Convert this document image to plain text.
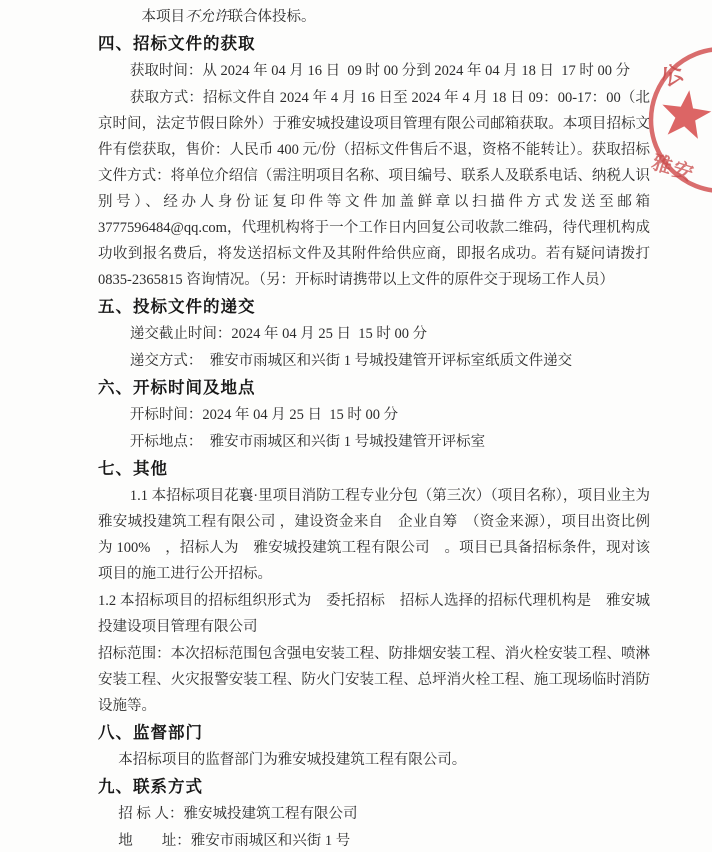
本项目不允许联合体投标。

四、招标文件的获取

获取时间：从 2024 年 04 月 16 日  09 时 00 分到 2024 年 04 月 18 日  17 时 00 分

获取方式：招标文件自 2024 年 4 月 16 日至 2024 年 4 月 18 日 09：00-17：00（北京时间，法定节假日除外）于雅安城投建设项目管理有限公司邮箱获取。本项目招标文件有偿获取，售价：人民币 400 元/份（招标文件售后不退，资格不能转让）。获取招标文件方式：将单位介绍信（需注明项目名称、项目编号、联系人及联系电话、纳税人识别号）、经办人身份证复印件等文件加盖鲜章以扫描件方式发送至邮箱 3777596484@qq.com，代理机构将于一个工作日内回复公司收款二维码，待代理机构成功收到报名费后，将发送招标文件及其附件给供应商，即报名成功。若有疑问请拨打 0835-2365815 咨询情况。（另：开标时请携带以上文件的原件交于现场工作人员）

五、投标文件的递交

递交截止时间：2024 年 04 月 25 日  15 时 00 分

递交方式：　雅安市雨城区和兴街 1 号城投建管开评标室纸质文件递交

六、开标时间及地点

开标时间：2024 年 04 月 25 日  15 时 00 分

开标地点：　雅安市雨城区和兴街 1 号城投建管开评标室

七、其他

1.1 本招标项目花襄·里项目消防工程专业分包（第三次）（项目名称），项目业主为雅安城投建筑工程有限公司 ，建设资金来自　企业自筹　（资金来源），项目出资比例为 100%　，招标人为　雅安城投建筑工程有限公司　。项目已具备招标条件，现对该项目的施工进行公开招标。

1.2 本招标项目的招标组织形式为　委托招标　招标人选择的招标代理机构是　雅安城投建设项目管理有限公司

招标范围：本次招标范围包含强电安装工程、防排烟安装工程、消火栓安装工程、喷淋安装工程、火灾报警安装工程、防火门安装工程、总坪消火栓工程、施工现场临时消防设施等。

八、监督部门

本招标项目的监督部门为雅安城投建筑工程有限公司。

九、联系方式

招 标 人：雅安城投建筑工程有限公司

地　　址：雅安市雨城区和兴街 1 号

公
雅安
